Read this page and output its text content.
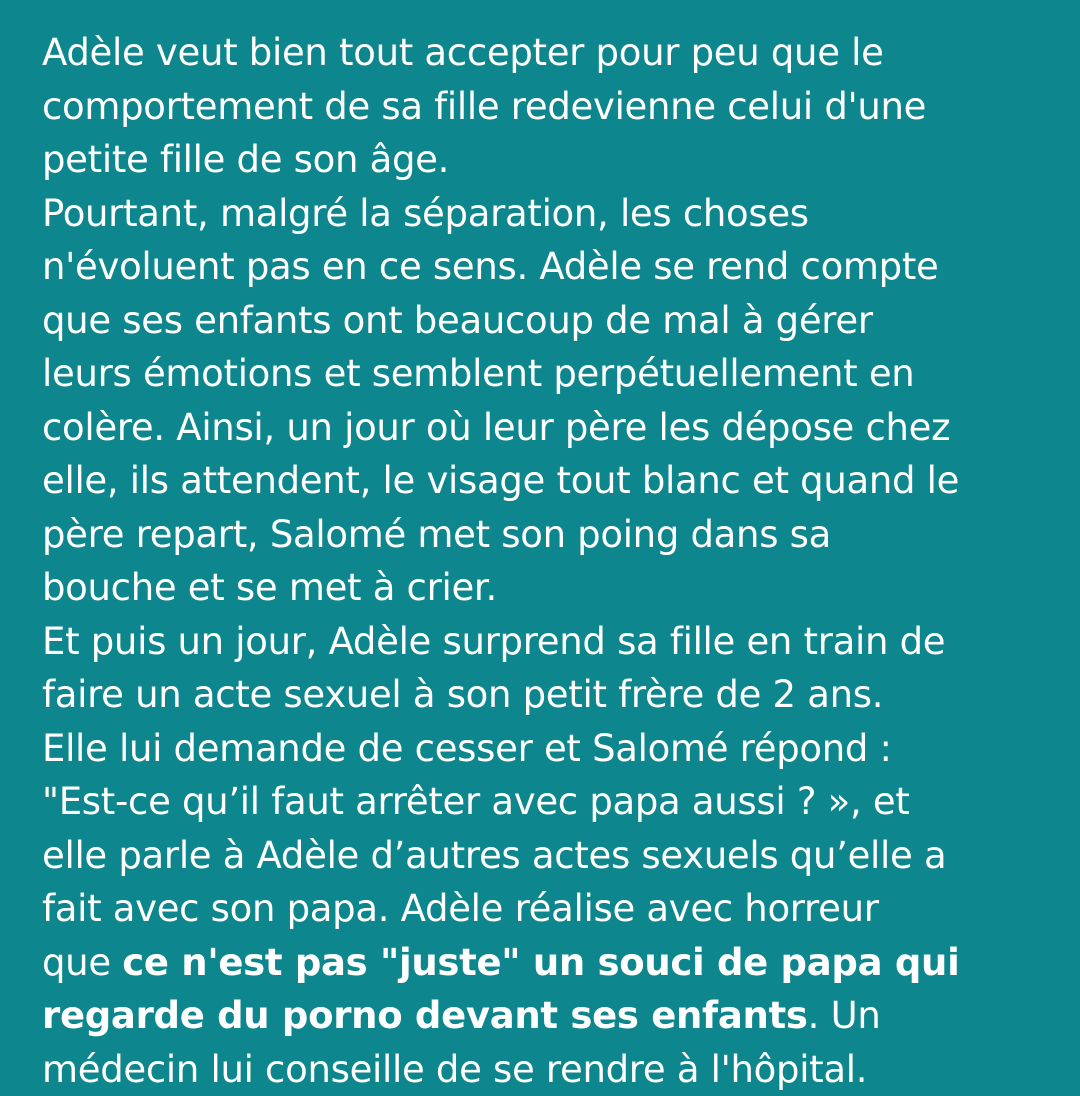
Adèle veut bien tout accepter pour peu que le
comportement de sa fille redevienne celui d'une
petite fille de son âge.
Pourtant, malgré la séparation, les choses
n'évoluent pas en ce sens. Adèle se rend compte
que ses enfants ont beaucoup de mal à gérer
leurs émotions et semblent perpétuellement en
colère. Ainsi, un jour où leur père les dépose chez
elle, ils attendent, le visage tout blanc et quand le
père repart, Salomé met son poing dans sa
bouche et se met à crier.
Et puis un jour, Adèle surprend sa fille en train de
faire un acte sexuel à son petit frère de 2 ans.
Elle lui demande de cesser et Salomé répond :
"Est-ce qu’il faut arrêter avec papa aussi ? », et
elle parle à Adèle d’autres actes sexuels qu’elle a
fait avec son papa. Adèle réalise avec horreur
que ce n'est pas "juste" un souci de papa qui
regarde du porno devant ses enfants. Un
médecin lui conseille de se rendre à l'hôpital.
